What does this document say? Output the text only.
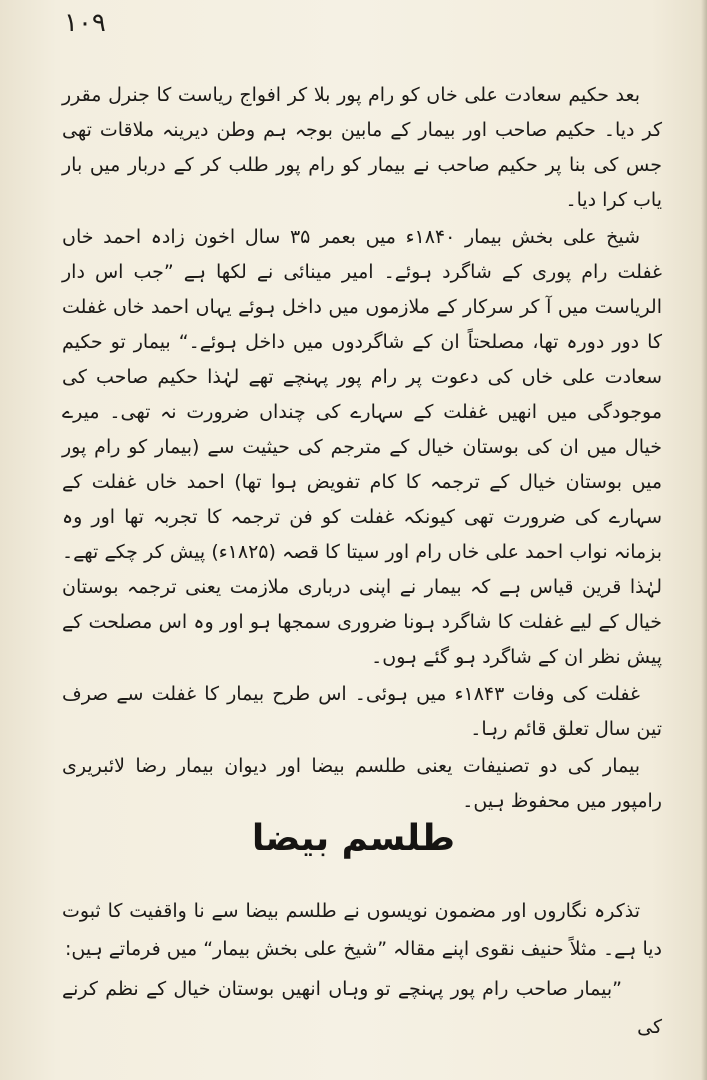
۱۰۹

بعد حکیم سعادت علی خاں کو رام پور بلا کر افواج ریاست کا جنرل مقرر کر دیا۔ حکیم صاحب اور بیمار کے مابین بوجہ ہم وطن دیرینہ ملاقات تھی جس کی بنا پر حکیم صاحب نے بیمار کو رام پور طلب کر کے دربار میں بار یاب کرا دیا۔

شیخ علی بخش بیمار ۱۸۴۰ء میں بعمر ۳۵ سال اخون زادہ احمد خاں غفلت رام پوری کے شاگرد ہوئے۔ امیر مینائی نے لکھا ہے ”جب اس دار الریاست میں آ کر سرکار کے ملازموں میں داخل ہوئے یہاں احمد خاں غفلت کا دور دورہ تھا، مصلحتاً ان کے شاگردوں میں داخل ہوئے۔“ بیمار تو حکیم سعادت علی خاں کی دعوت پر رام پور پہنچے تھے لہٰذا حکیم صاحب کی موجودگی میں انھیں غفلت کے سہارے کی چنداں ضرورت نہ تھی۔ میرے خیال میں ان کی بوستان خیال کے مترجم کی حیثیت سے (بیمار کو رام پور میں بوستان خیال کے ترجمہ کا کام تفویض ہوا تھا) احمد خاں غفلت کے سہارے کی ضرورت تھی کیونکہ غفلت کو فن ترجمہ کا تجربہ تھا اور وہ بزمانہ نواب احمد علی خاں رام اور سیتا کا قصہ (۱۸۲۵ء) پیش کر چکے تھے۔ لہٰذا قرین قیاس ہے کہ بیمار نے اپنی درباری ملازمت یعنی ترجمہ بوستان خیال کے لیے غفلت کا شاگرد ہونا ضروری سمجھا ہو اور وہ اس مصلحت کے پیش نظر ان کے شاگرد ہو گئے ہوں۔

غفلت کی وفات ۱۸۴۳ء میں ہوئی۔ اس طرح بیمار کا غفلت سے صرف تین سال تعلق قائم رہا۔

بیمار کی دو تصنیفات یعنی طلسم بیضا اور دیوان بیمار رضا لائبریری رامپور میں محفوظ ہیں۔

طلسم بیضا

تذکرہ نگاروں اور مضمون نویسوں نے طلسم بیضا سے نا واقفیت کا ثبوت دیا ہے۔ مثلاً حنیف نقوی اپنے مقالہ ”شیخ علی بخش بیمار“ میں فرماتے ہیں:

”بیمار صاحب رام پور پہنچے تو وہاں انھیں بوستان خیال کے نظم کرنے کی
